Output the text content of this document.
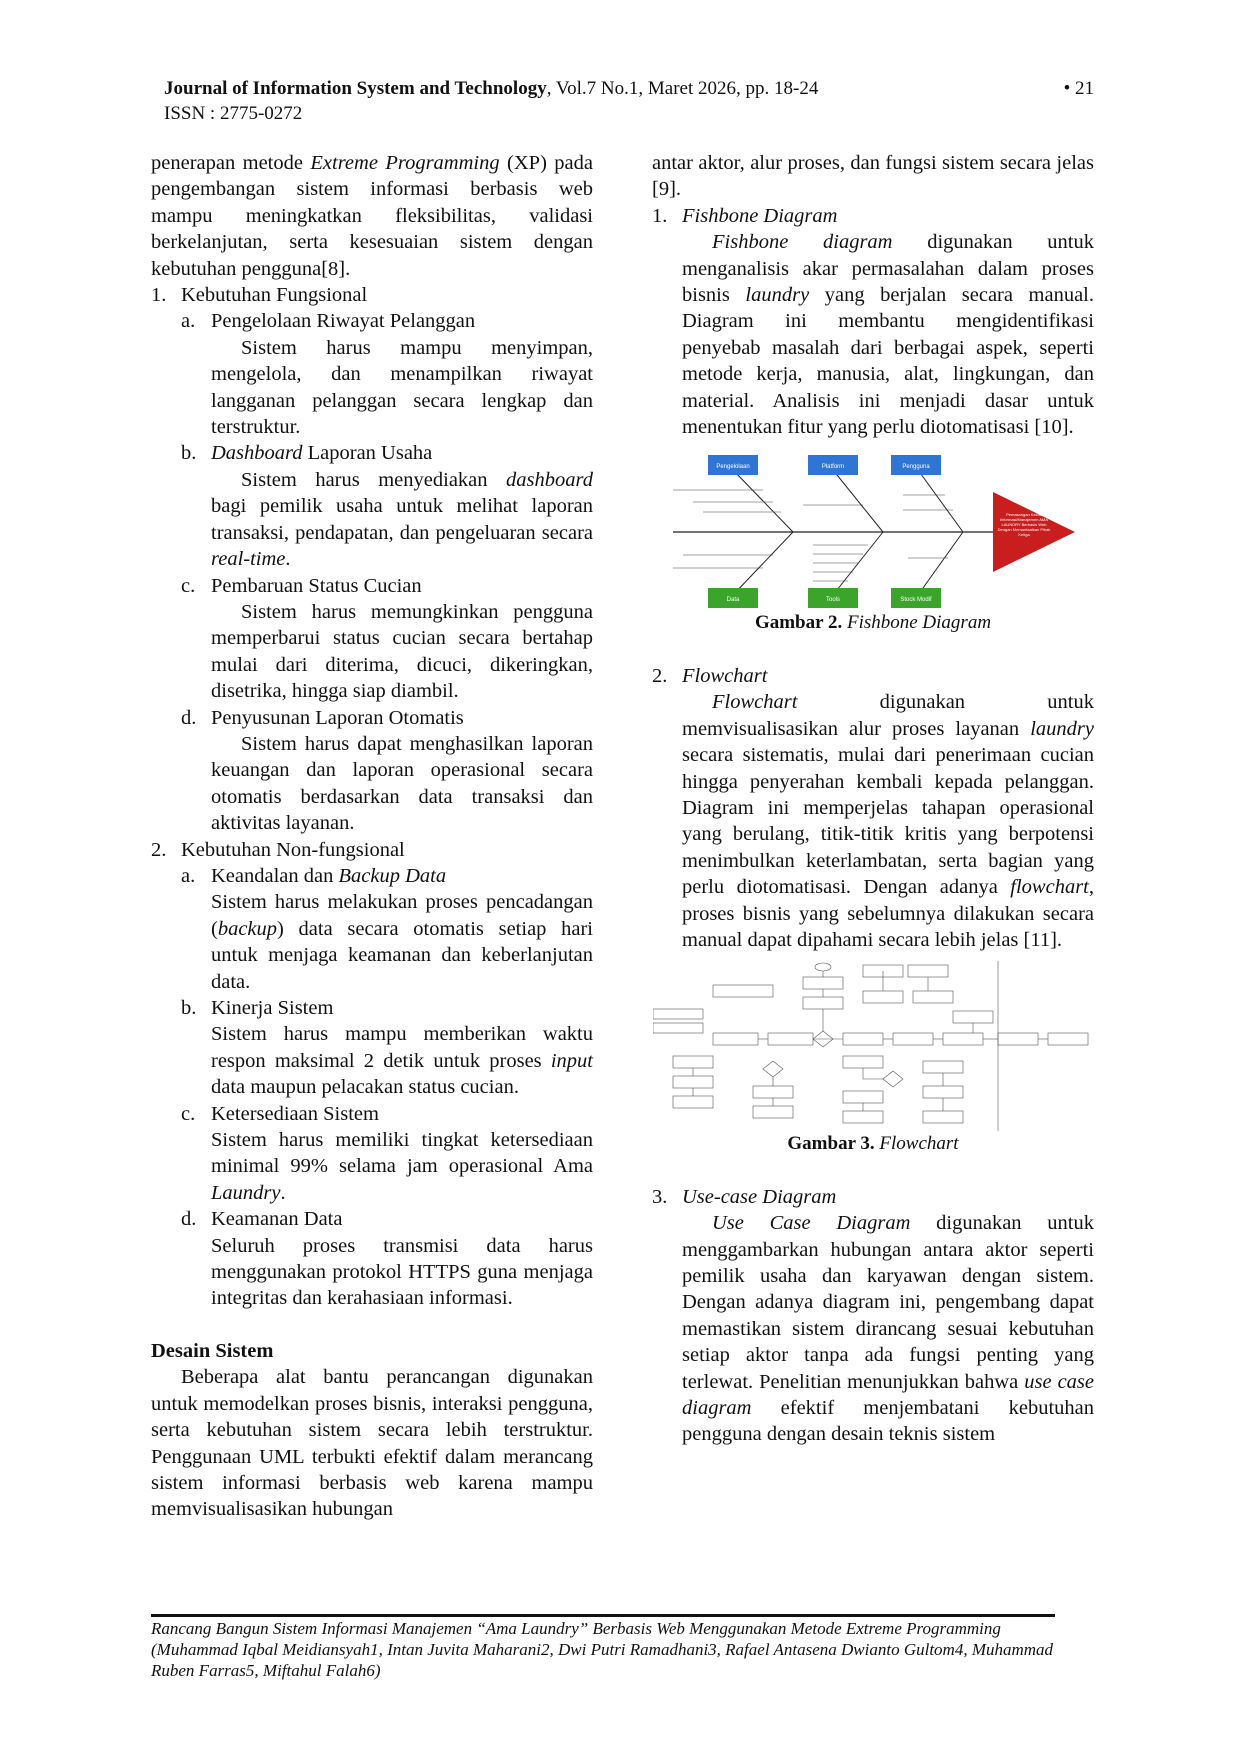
Journal of Information System and Technology, Vol.7 No.1, Maret 2026, pp. 18-24
ISSN : 2775-0272
• 21

penerapan metode Extreme Programming (XP) pada pengembangan sistem informasi berbasis web mampu meningkatkan fleksibilitas, validasi berkelanjutan, serta kesesuaian sistem dengan kebutuhan pengguna[8].

1. Kebutuhan Fungsional
a. Pengelolaan Riwayat Pelanggan

Sistem harus mampu menyimpan, mengelola, dan menampilkan riwayat langganan pelanggan secara lengkap dan terstruktur.

b. Dashboard Laporan Usaha

Sistem harus menyediakan dashboard bagi pemilik usaha untuk melihat laporan transaksi, pendapatan, dan pengeluaran secara real-time.

c. Pembaruan Status Cucian

Sistem harus memungkinkan pengguna memperbarui status cucian secara bertahap mulai dari diterima, dicuci, dikeringkan, disetrika, hingga siap diambil.

d. Penyusunan Laporan Otomatis

Sistem harus dapat menghasilkan laporan keuangan dan laporan operasional secara otomatis berdasarkan data transaksi dan aktivitas layanan.

2. Kebutuhan Non-fungsional
a. Keandalan dan Backup Data

Sistem harus melakukan proses pencadangan (backup) data secara otomatis setiap hari untuk menjaga keamanan dan keberlanjutan data.

b. Kinerja Sistem

Sistem harus mampu memberikan waktu respon maksimal 2 detik untuk proses input data maupun pelacakan status cucian.

c. Ketersediaan Sistem

Sistem harus memiliki tingkat ketersediaan minimal 99% selama jam operasional Ama Laundry.

d. Keamanan Data

Seluruh proses transmisi data harus menggunakan protokol HTTPS guna menjaga integritas dan kerahasiaan informasi.

Desain Sistem

Beberapa alat bantu perancangan digunakan untuk memodelkan proses bisnis, interaksi pengguna, serta kebutuhan sistem secara lebih terstruktur. Penggunaan UML terbukti efektif dalam merancang sistem informasi berbasis web karena mampu memvisualisasikan hubungan

antar aktor, alur proses, dan fungsi sistem secara jelas [9].

1. Fishbone Diagram

Fishbone diagram digunakan untuk menganalisis akar permasalahan dalam proses bisnis laundry yang berjalan secara manual. Diagram ini membantu mengidentifikasi penyebab masalah dari berbagai aspek, seperti metode kerja, manusia, alat, lingkungan, dan material. Analisis ini menjadi dasar untuk menentukan fitur yang perlu diotomatisasi [10].

Pengelolaan	Platform	Pengguna
Data	Tools	Stock Modif
Pemasangan Kelola Informasi/Manajemen AMA LAUNDRY Berbasis Web Dengan Memanfaatkan Pihak Ketiga

Gambar 2. Fishbone Diagram

2. Flowchart

Flowchart digunakan untuk memvisualisasikan alur proses layanan laundry secara sistematis, mulai dari penerimaan cucian hingga penyerahan kembali kepada pelanggan. Diagram ini memperjelas tahapan operasional yang berulang, titik-titik kritis yang berpotensi menimbulkan keterlambatan, serta bagian yang perlu diotomatisasi. Dengan adanya flowchart, proses bisnis yang sebelumnya dilakukan secara manual dapat dipahami secara lebih jelas [11].

Gambar 3. Flowchart

3. Use-case Diagram

Use Case Diagram digunakan untuk menggambarkan hubungan antara aktor seperti pemilik usaha dan karyawan dengan sistem. Dengan adanya diagram ini, pengembang dapat memastikan sistem dirancang sesuai kebutuhan setiap aktor tanpa ada fungsi penting yang terlewat. Penelitian menunjukkan bahwa use case diagram efektif menjembatani kebutuhan pengguna dengan desain teknis sistem

Rancang Bangun Sistem Informasi Manajemen “Ama Laundry” Berbasis Web Menggunakan Metode Extreme Programming (Muhammad Iqbal Meidiansyah1, Intan Juvita Maharani2, Dwi Putri Ramadhani3, Rafael Antasena Dwianto Gultom4, Muhammad Ruben Farras5, Miftahul Falah6)
